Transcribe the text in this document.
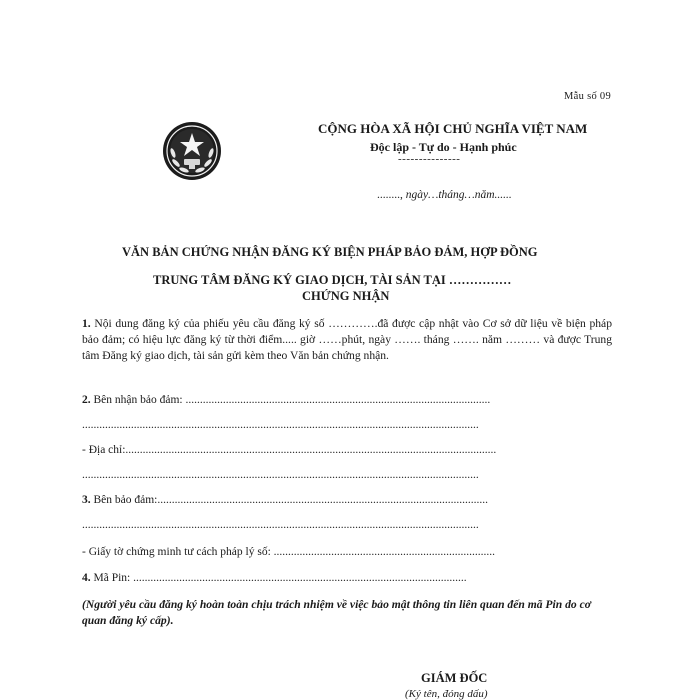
Mẫu số 09
CỘNG HÒA XÃ HỘI CHỦ NGHĨA VIỆT NAM
Độc lập - Tự do - Hạnh phúc
---------------
........, ngày…tháng…năm......
VĂN BẢN CHỨNG NHẬN ĐĂNG KÝ BIỆN PHÁP BẢO ĐẢM, HỢP ĐỒNG
TRUNG TÂM ĐĂNG KÝ GIAO DỊCH, TÀI SẢN TẠI ……………
CHỨNG NHẬN
1. Nội dung đăng ký của phiếu yêu cầu đăng ký số ………….đã được cập nhật vào Cơ sở dữ liệu về biện pháp bảo đảm; có hiệu lực đăng ký từ thời điểm..... giờ ……phút, ngày ……. tháng ……. năm ……… và được Trung tâm Đăng ký giao dịch, tài sản gửi kèm theo Văn bản chứng nhận.
2. Bên nhận bảo đảm: ..........................................................................................................
..........................................................................................................................................
- Địa chỉ:.................................................................................................................................
..........................................................................................................................................
3. Bên bảo đảm:...................................................................................................................
..........................................................................................................................................
- Giấy tờ chứng minh tư cách pháp lý số: .............................................................................
4. Mã Pin: ....................................................................................................................
(Người yêu cầu đăng ký hoàn toàn chịu trách nhiệm về việc bảo mật thông tin liên quan đến mã Pin do cơ quan đăng ký cấp).
GIÁM ĐỐC
(Ký tên, đóng dấu)
